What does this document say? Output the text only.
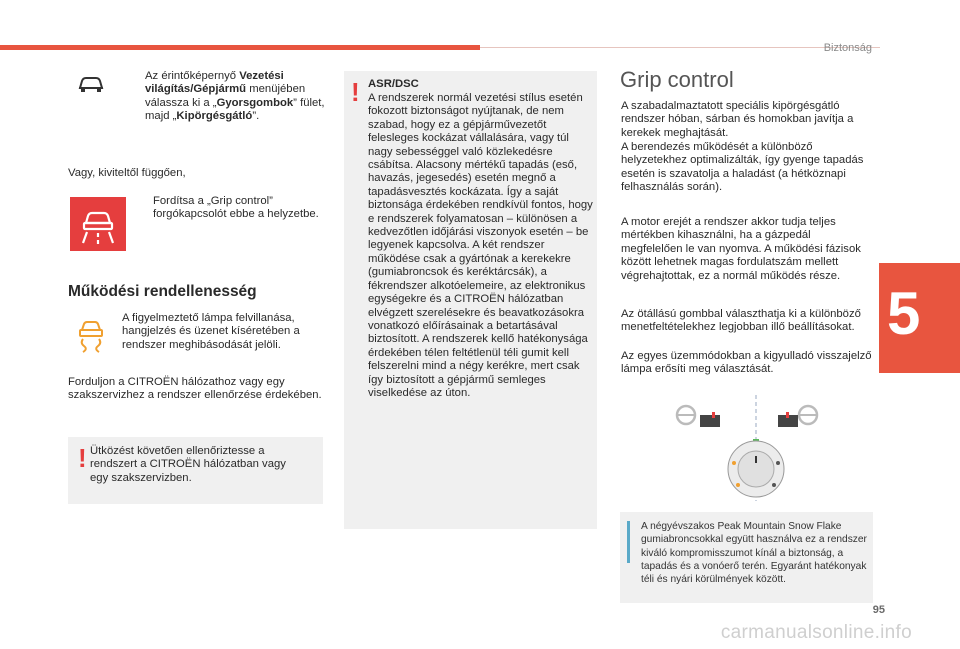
Biztonság
5
95
carmanualsonline.info
Az érintőképernyő Vezetési világítás/Gépjármű menüjében válassza ki a „Gyorsgombok” fület, majd „Kipörgésgátló”.
Vagy, kiviteltől függően,
Fordítsa a „Grip control” forgókapcsolót ebbe a helyzetbe.
Működési rendellenesség
A figyelmeztető lámpa felvillanása, hangjelzés és üzenet kíséretében a rendszer meghibásodását jelöli.
Forduljon a CITROËN hálózathoz vagy egy szakszervizhez a rendszer ellenőrzése érdekében.
! Ütközést követően ellenőriztesse a rendszert a CITROËN hálózatban vagy egy szakszervizben.
! ASR/DSC
A rendszerek normál vezetési stílus esetén fokozott biztonságot nyújtanak, de nem szabad, hogy ez a gépjárművezetőt felesleges kockázat vállalására, vagy túl nagy sebességgel való közlekedésre csábítsa. Alacsony mértékű tapadás (eső, havazás, jegesedés) esetén megnő a tapadásvesztés kockázata. Így a saját biztonsága érdekében rendkívül fontos, hogy e rendszerek folyamatosan – különösen a kedvezőtlen időjárási viszonyok esetén – be legyenek kapcsolva. A két rendszer működése csak a gyártónak a kerekekre (gumiabroncsok és keréktárcsák), a fékrendszer alkotóelemeire, az elektronikus egységekre és a CITROËN hálózatban elvégzett szerelésekre és beavatkozásokra vonatkozó előírásainak a betartásával biztosított. A rendszerek kellő hatékonysága érdekében télen feltétlenül téli gumit kell felszerelni mind a négy kerékre, mert csak így biztosított a gépjármű semleges viselkedése az úton.
Grip control
A szabadalmaztatott speciális kipörgésgátló rendszer hóban, sárban és homokban javítja a kerekek meghajtását.
A berendezés működését a különböző helyzetekhez optimalizálták, így gyenge tapadás esetén is szavatolja a haladást (a hétköznapi felhasználás során).
A motor erejét a rendszer akkor tudja teljes mértékben kihasználni, ha a gázpedál megfelelően le van nyomva. A működési fázisok között lehetnek magas fordulatszám mellett végrehajtottak, ez a normál működés része.
Az ötállású gombbal választhatja ki a különböző menetfeltételekhez legjobban illő beállításokat.
Az egyes üzemmódokban a kigyulladó visszajelző lámpa erősíti meg választását.
A négyévszakos Peak Mountain Snow Flake gumiabroncsokkal együtt használva ez a rendszer kiváló kompromisszumot kínál a biztonság, a tapadás és a vonóerő terén. Egyaránt hatékonyak téli és nyári körülmények között.
